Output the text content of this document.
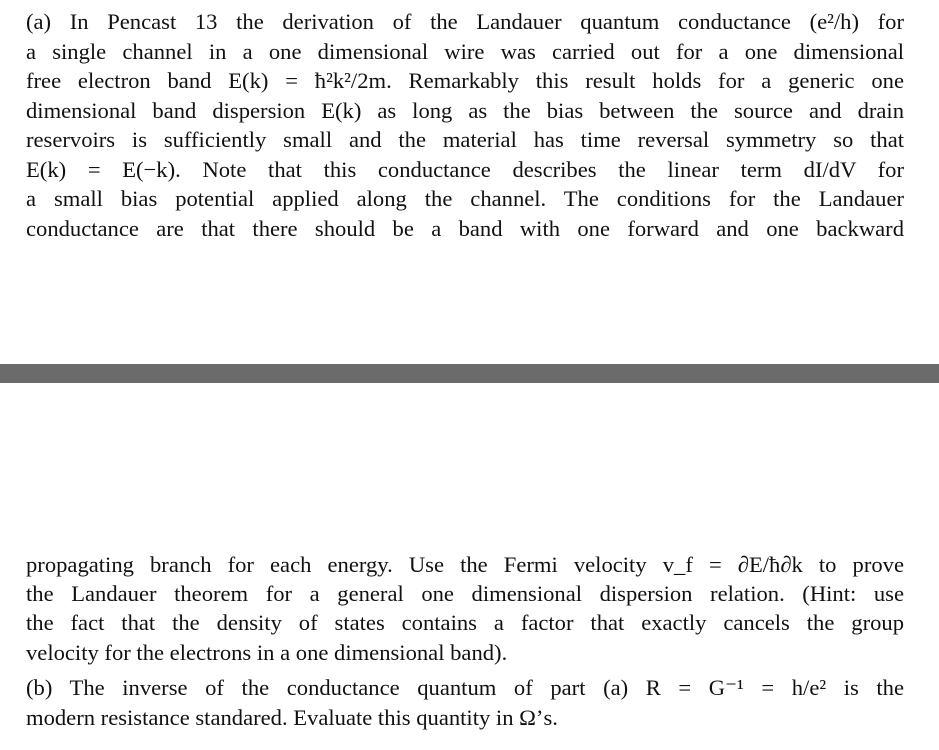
(a) In Pencast 13 the derivation of the Landauer quantum conductance (e²/h) for
a single channel in a one dimensional wire was carried out for a one dimensional
free electron band E(k) = ħ²k²/2m. Remarkably this result holds for a generic one
dimensional band dispersion E(k) as long as the bias between the source and drain
reservoirs is sufficiently small and the material has time reversal symmetry so that
E(k) = E(−k). Note that this conductance describes the linear term dI/dV for
a small bias potential applied along the channel. The conditions for the Landauer
conductance are that there should be a band with one forward and one backward
propagating branch for each energy. Use the Fermi velocity v_f = ∂E/ħ∂k to prove
the Landauer theorem for a general one dimensional dispersion relation. (Hint: use
the fact that the density of states contains a factor that exactly cancels the group
velocity for the electrons in a one dimensional band).
(b) The inverse of the conductance quantum of part (a) R = G⁻¹ = h/e² is the
modern resistance standared. Evaluate this quantity in Ω’s.
